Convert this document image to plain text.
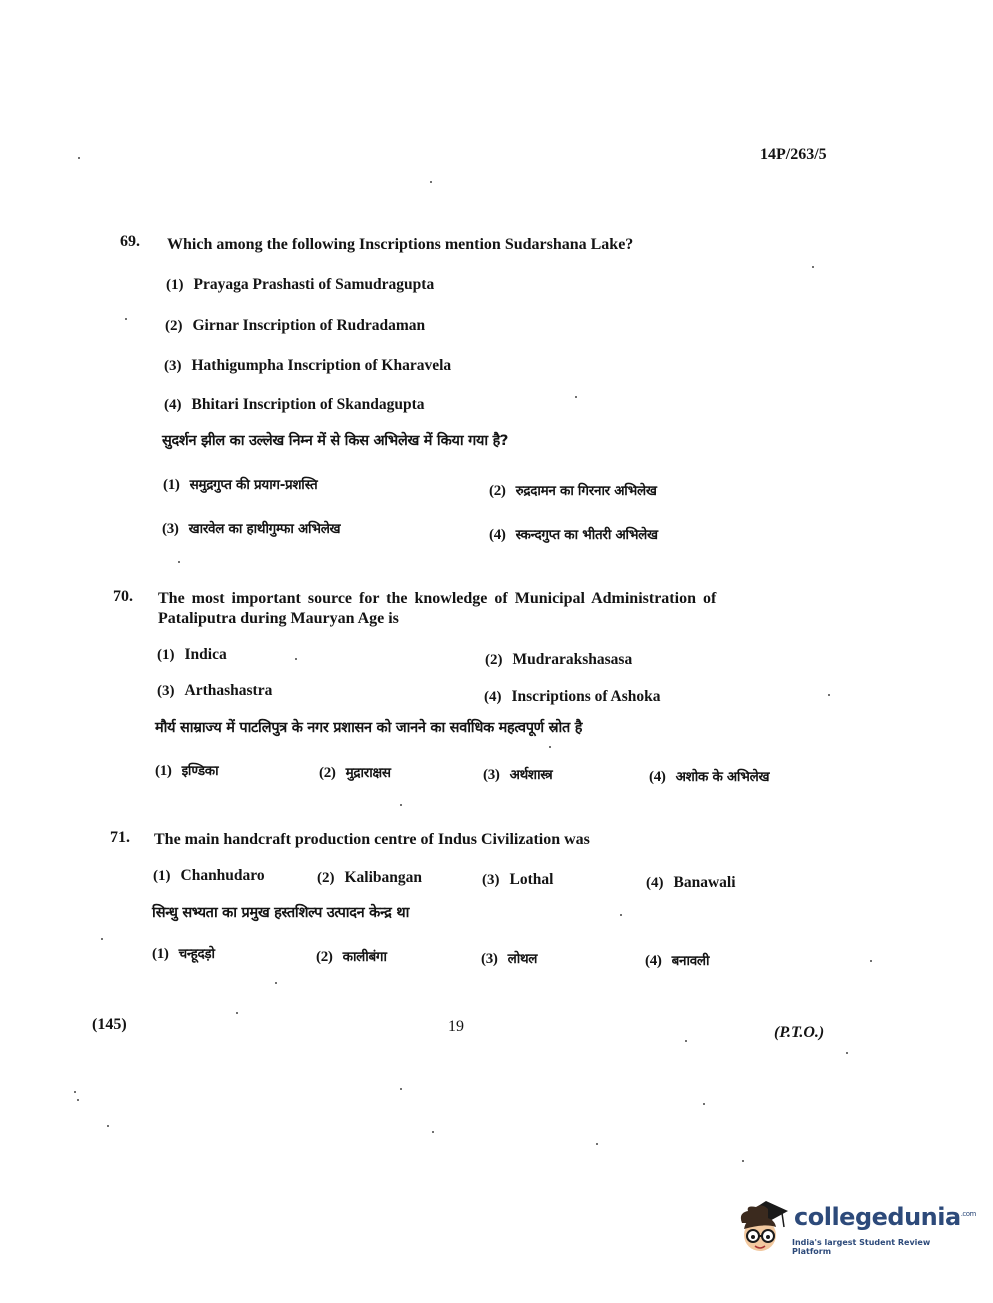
14P/263/5
69. Which among the following Inscriptions mention Sudarshana Lake?
(1) Prayaga Prashasti of Samudragupta
(2) Girnar Inscription of Rudradaman
(3) Hathigumpha Inscription of Kharavela
(4) Bhitari Inscription of Skandagupta
सुदर्शन झील का उल्लेख निम्न में से किस अभिलेख में किया गया है?
(1) समुद्रगुप्त की प्रयाग-प्रशस्ति	(2) रुद्रदामन का गिरनार अभिलेख
(3) खारवेल का हाथीगुम्फा अभिलेख	(4) स्कन्दगुप्त का भीतरी अभिलेख
70. The most important source for the knowledge of Municipal Administration of
Pataliputra during Mauryan Age is
(1) Indica	(2) Mudrarakshasasa
(3) Arthashastra	(4) Inscriptions of Ashoka
मौर्य साम्राज्य में पाटलिपुत्र के नगर प्रशासन को जानने का सर्वाधिक महत्वपूर्ण स्रोत है
(1) इण्डिका	(2) मुद्राराक्षस	(3) अर्थशास्त्र	(4) अशोक के अभिलेख
71. The main handcraft production centre of Indus Civilization was
(1) Chanhudaro	(2) Kalibangan	(3) Lothal	(4) Banawali
सिन्धु सभ्यता का प्रमुख हस्तशिल्प उत्पादन केन्द्र था
(1) चन्हूदड़ो	(2) कालीबंगा	(3) लोथल	(4) बनावली
(145)	19	(P.T.O.)
collegedunia$^{.com}$
India's largest Student Review Platform
